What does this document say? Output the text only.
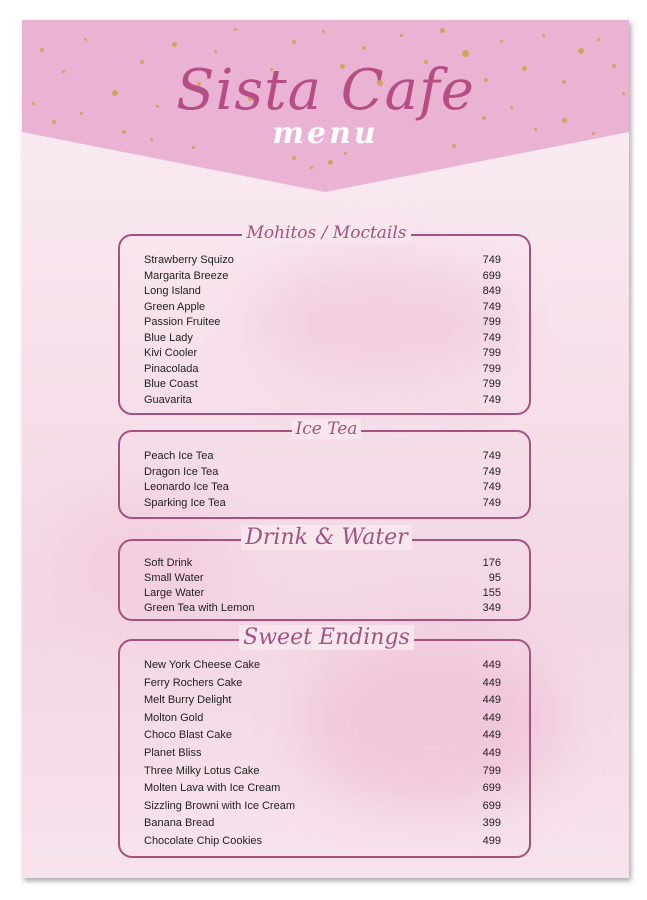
Sista Cafe
menu
Mohitos / Moctails
Strawberry Squizo	749
Margarita Breeze	699
Long Island	849
Green Apple	749
Passion Fruitee	799
Blue Lady	749
Kivi Cooler	799
Pinacolada	799
Blue Coast	799
Guavarita	749
Ice Tea
Peach Ice Tea	749
Dragon Ice Tea	749
Leonardo Ice Tea	749
Sparking Ice Tea	749
Drink & Water
Soft Drink	176
Small Water	95
Large Water	155
Green Tea with Lemon	349
Sweet Endings
New York Cheese Cake	449
Ferry Rochers Cake	449
Melt Burry Delight	449
Molton Gold	449
Choco Blast Cake	449
Planet Bliss	449
Three Milky Lotus Cake	799
Molten Lava with Ice Cream	699
Sizzling Browni with Ice Cream	699
Banana Bread	399
Chocolate Chip Cookies	499
